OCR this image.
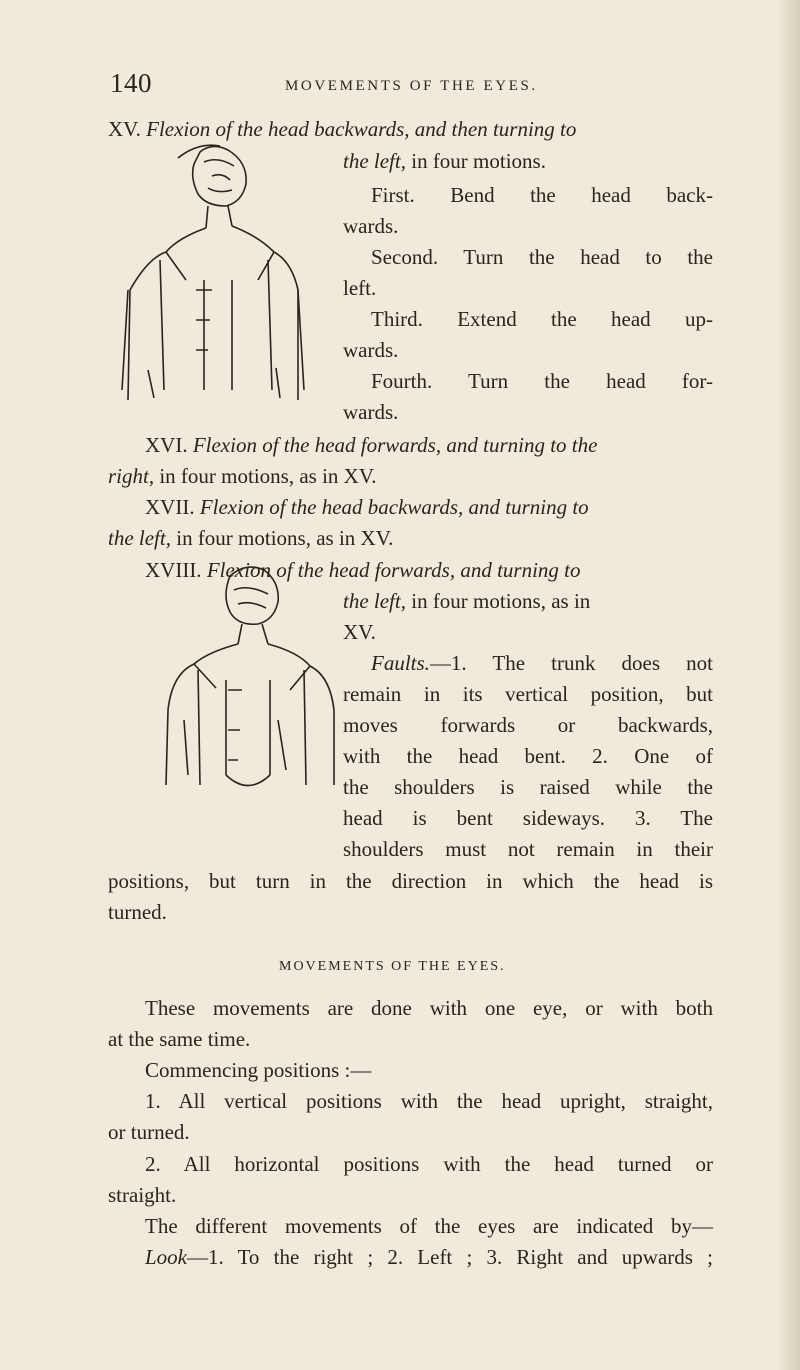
140	MOVEMENTS OF THE EYES.
XV. Flexion of the head backwards, and then turning to
the left, in four motions.
First. Bend the head back-
wards.
Second. Turn the head to the
left.
Third. Extend the head up-
wards.
Fourth. Turn the head for-
wards.
XVI. Flexion of the head forwards, and turning to the
right, in four motions, as in XV.
XVII. Flexion of the head backwards, and turning to
the left, in four motions, as in XV.
XVIII. Flexion of the head forwards, and turning to
the left, in four motions, as in
XV.
Faults.—1. The trunk does not
remain in its vertical position, but
moves forwards or backwards,
with the head bent. 2. One of
the shoulders is raised while the
head is bent sideways. 3. The
shoulders must not remain in their
positions, but turn in the direction in which the head is
turned.
MOVEMENTS OF THE EYES.
These movements are done with one eye, or with both
at the same time.
Commencing positions :—
1. All vertical positions with the head upright, straight,
or turned.
2. All horizontal positions with the head turned or
straight.
The different movements of the eyes are indicated by—
Look—1. To the right ; 2. Left ; 3. Right and upwards ;
